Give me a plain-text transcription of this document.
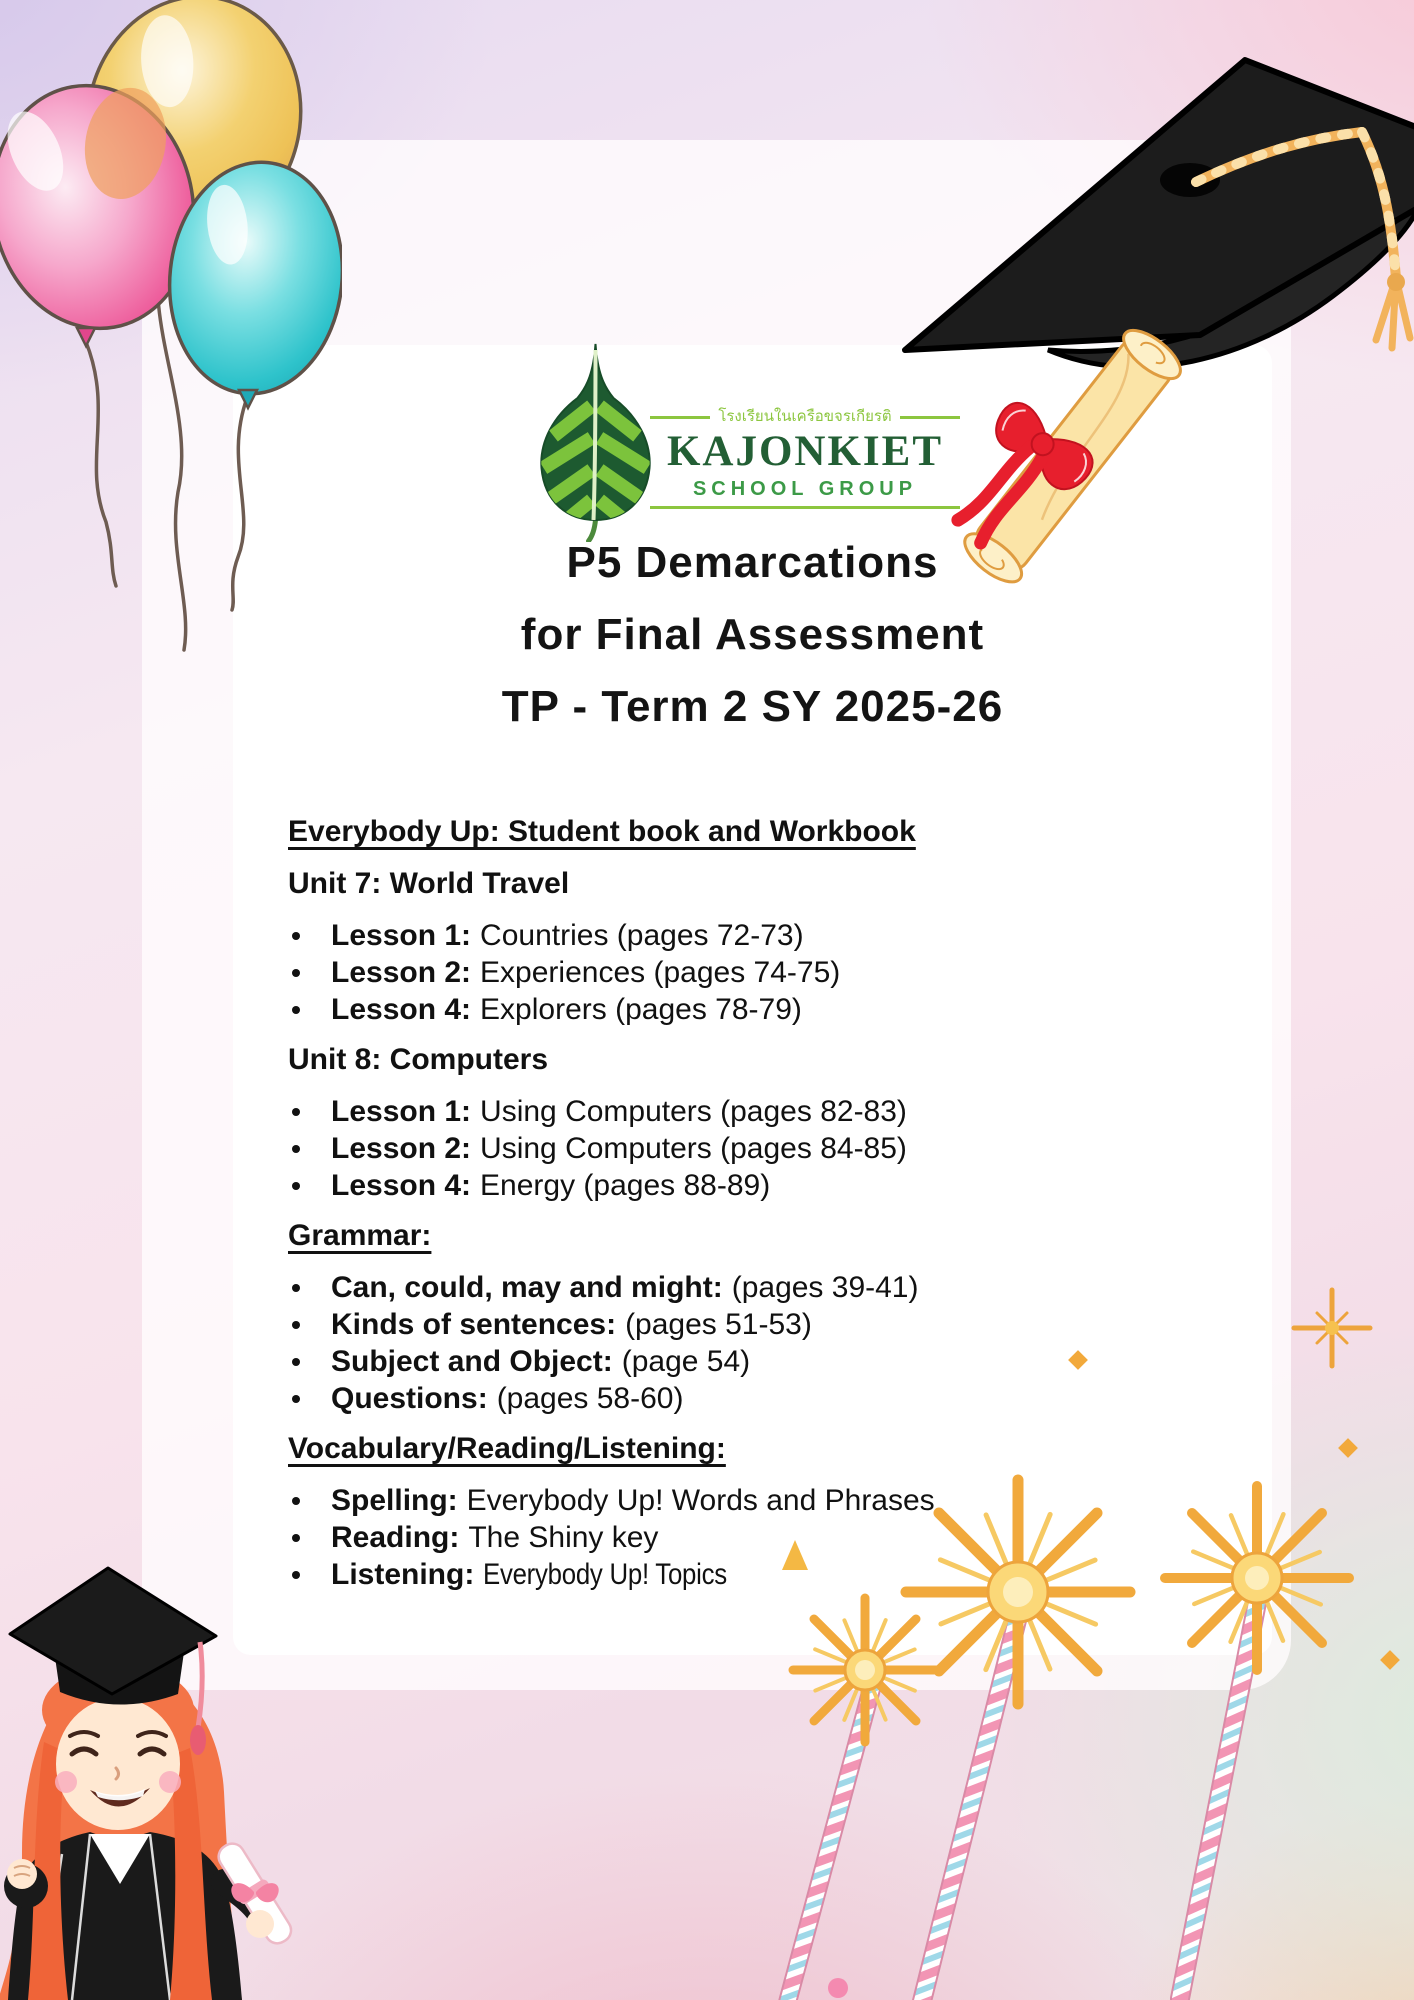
โรงเรียนในเครือขจรเกียรติ
KAJONKIET
SCHOOL GROUP
P5 Demarcations
for Final Assessment
TP - Term 2 SY 2025-26
Everybody Up: Student book and Workbook
Unit 7: World Travel
Lesson 1: Countries (pages 72-73)
Lesson 2: Experiences (pages 74-75)
Lesson 4: Explorers (pages 78-79)
Unit 8: Computers
Lesson 1: Using Computers (pages 82-83)
Lesson 2: Using Computers (pages 84-85)
Lesson 4: Energy (pages 88-89)
Grammar:
Can, could, may and might: (pages 39-41)
Kinds of sentences: (pages 51-53)
Subject and Object: (page 54)
Questions: (pages 58-60)
Vocabulary/Reading/Listening:
Spelling: Everybody Up! Words and Phrases
Reading: The Shiny key
Listening: Everybody Up! Topics
